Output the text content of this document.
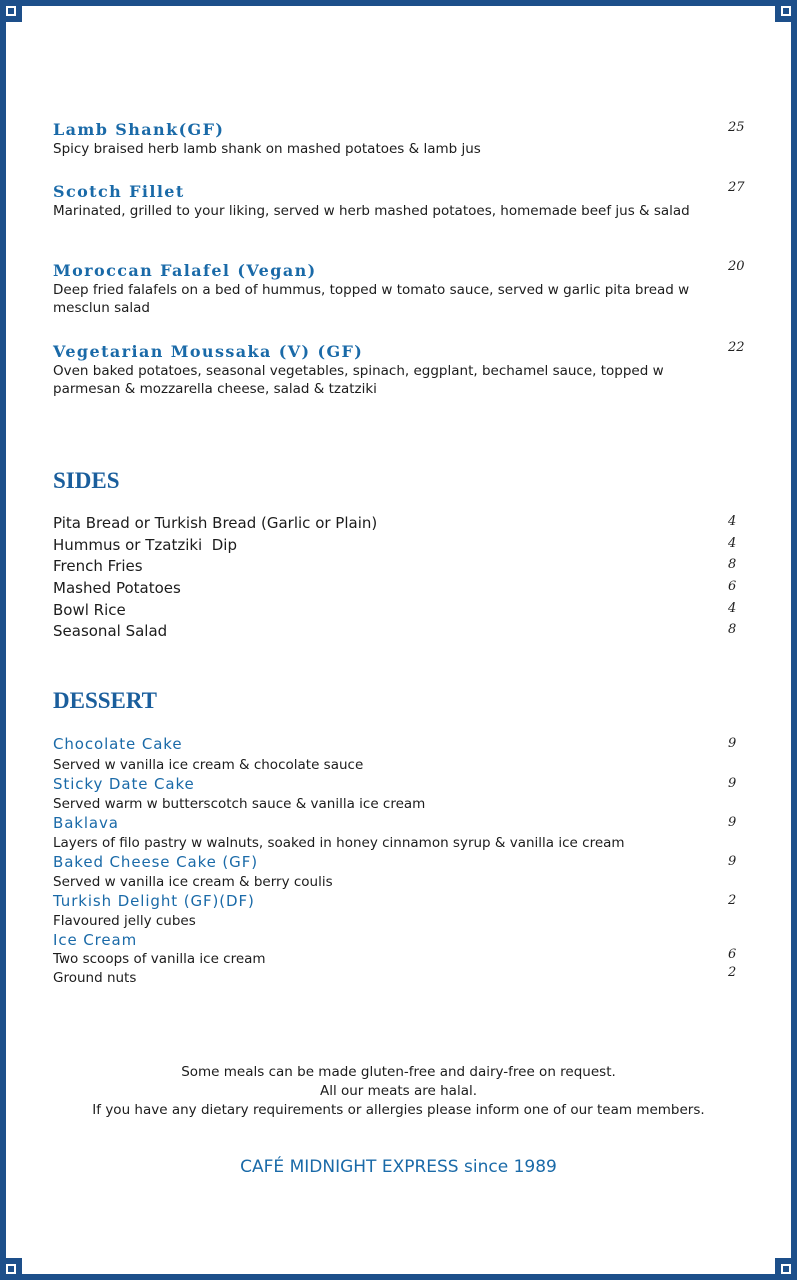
Lamb Shank(GF)
Spicy braised herb lamb shank on mashed potatoes & lamb jus
25
Scotch Fillet
Marinated, grilled to your liking, served w herb mashed potatoes, homemade beef jus & salad
27
Moroccan Falafel (Vegan)
Deep fried falafels on a bed of hummus, topped w tomato sauce, served w garlic pita bread w mesclun salad
20
Vegetarian Moussaka (V) (GF)
Oven baked potatoes, seasonal vegetables, spinach, eggplant, bechamel sauce, topped w parmesan & mozzarella cheese, salad & tzatziki
22
SIDES
Pita Bread or Turkish Bread (Garlic or Plain)	4
Hummus or Tzatziki  Dip	4
French Fries	8
Mashed Potatoes	6
Bowl Rice	4
Seasonal Salad	8
DESSERT
Chocolate Cake
Served w vanilla ice cream & chocolate sauce
9
Sticky Date Cake
Served warm w butterscotch sauce & vanilla ice cream
9
Baklava
Layers of filo pastry w walnuts, soaked in honey cinnamon syrup & vanilla ice cream
9
Baked Cheese Cake (GF)
Served w vanilla ice cream & berry coulis
9
Turkish Delight (GF)(DF)
Flavoured jelly cubes
2
Ice Cream
Two scoops of vanilla ice cream	6
Ground nuts	2
Some meals can be made gluten-free and dairy-free on request.
All our meats are halal.
If you have any dietary requirements or allergies please inform one of our team members.
CAFÉ MIDNIGHT EXPRESS since 1989
